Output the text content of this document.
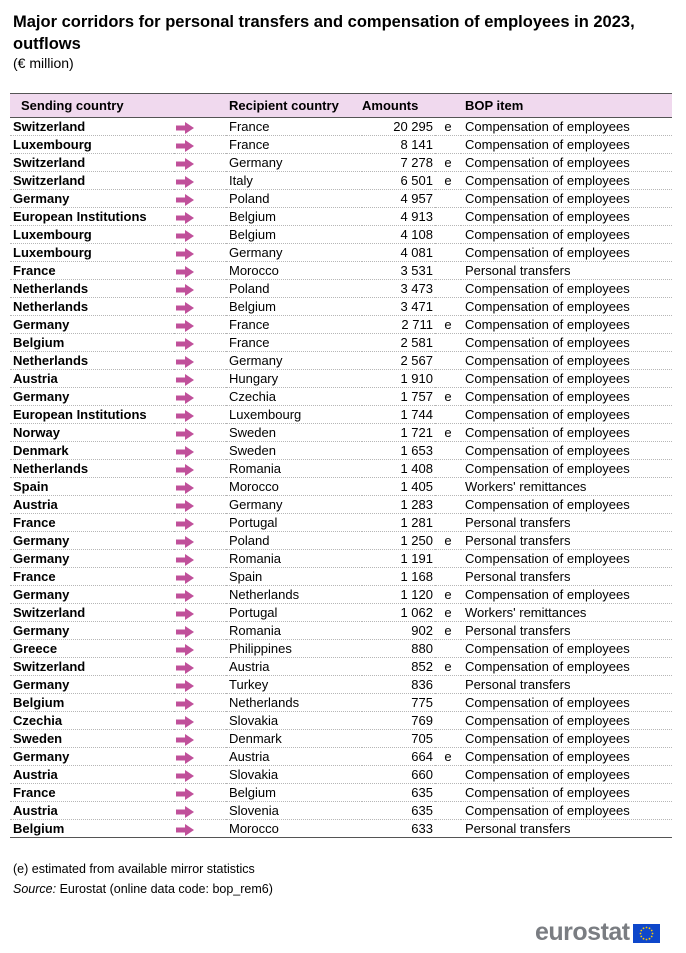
Major corridors for personal transfers and compensation of employees in 2023, outflows
(€ million)
Sending country		Recipient country	Amounts		BOP item
Switzerland		France	20 295	e	Compensation of employees
Luxembourg		France	8 141		Compensation of employees
Switzerland		Germany	7 278	e	Compensation of employees
Switzerland		Italy	6 501	e	Compensation of employees
Germany		Poland	4 957		Compensation of employees
European Institutions		Belgium	4 913		Compensation of employees
Luxembourg		Belgium	4 108		Compensation of employees
Luxembourg		Germany	4 081		Compensation of employees
France		Morocco	3 531		Personal transfers
Netherlands		Poland	3 473		Compensation of employees
Netherlands		Belgium	3 471		Compensation of employees
Germany		France	2 711	e	Compensation of employees
Belgium		France	2 581		Compensation of employees
Netherlands		Germany	2 567		Compensation of employees
Austria		Hungary	1 910		Compensation of employees
Germany		Czechia	1 757	e	Compensation of employees
European Institutions		Luxembourg	1 744		Compensation of employees
Norway		Sweden	1 721	e	Compensation of employees
Denmark		Sweden	1 653		Compensation of employees
Netherlands		Romania	1 408		Compensation of employees
Spain		Morocco	1 405		Workers' remittances
Austria		Germany	1 283		Compensation of employees
France		Portugal	1 281		Personal transfers
Germany		Poland	1 250	e	Personal transfers
Germany		Romania	1 191		Compensation of employees
France		Spain	1 168		Personal transfers
Germany		Netherlands	1 120	e	Compensation of employees
Switzerland		Portugal	1 062	e	Workers' remittances
Germany		Romania	902	e	Personal transfers
Greece		Philippines	880		Compensation of employees
Switzerland		Austria	852	e	Compensation of employees
Germany		Turkey	836		Personal transfers
Belgium		Netherlands	775		Compensation of employees
Czechia		Slovakia	769		Compensation of employees
Sweden		Denmark	705		Compensation of employees
Germany		Austria	664	e	Compensation of employees
Austria		Slovakia	660		Compensation of employees
France		Belgium	635		Compensation of employees
Austria		Slovenia	635		Compensation of employees
Belgium		Morocco	633		Personal transfers
(e) estimated from available mirror statistics
Source: Eurostat (online data code: bop_rem6)
eurostat
